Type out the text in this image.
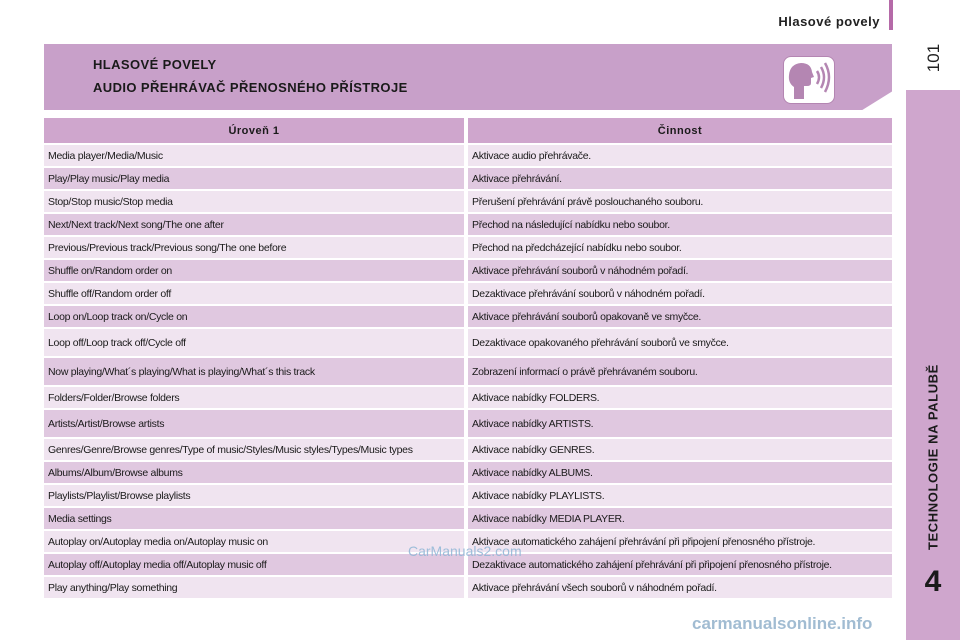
Hlasové povely
101
TECHNOLOGIE NA PALUBĚ
4
HLASOVÉ POVELY
AUDIO PŘEHRÁVAČ PŘENOSNÉHO PŘÍSTROJE
Úroveň 1	Činnost
Media player/Media/Music	Aktivace audio přehrávače.
Play/Play music/Play media	Aktivace přehrávání.
Stop/Stop music/Stop media	Přerušení přehrávání právě poslouchaného souboru.
Next/Next track/Next song/The one after	Přechod na následující nabídku nebo soubor.
Previous/Previous track/Previous song/The one before	Přechod na předcházející nabídku nebo soubor.
Shuffle on/Random order on	Aktivace přehrávání souborů v náhodném pořadí.
Shuffle off/Random order off	Dezaktivace přehrávání souborů v náhodném pořadí.
Loop on/Loop track on/Cycle on	Aktivace přehrávání souborů opakovaně ve smyčce.
Loop off/Loop track off/Cycle off	Dezaktivace opakovaného přehrávání souborů ve smyčce.
Now playing/What´s playing/What is playing/What´s this track	Zobrazení informací o právě přehrávaném souboru.
Folders/Folder/Browse folders	Aktivace nabídky FOLDERS.
Artists/Artist/Browse artists	Aktivace nabídky ARTISTS.
Genres/Genre/Browse genres/Type of music/Styles/Music styles/Types/Music types	Aktivace nabídky GENRES.
Albums/Album/Browse albums	Aktivace nabídky ALBUMS.
Playlists/Playlist/Browse playlists	Aktivace nabídky PLAYLISTS.
Media settings	Aktivace nabídky MEDIA PLAYER.
Autoplay on/Autoplay media on/Autoplay music on	Aktivace automatického zahájení přehrávání při připojení přenosného přístroje.
Autoplay off/Autoplay media off/Autoplay music off	Dezaktivace automatického zahájení přehrávání při připojení přenosného přístroje.
Play anything/Play something	Aktivace přehrávání všech souborů v náhodném pořadí.
CarManuals2.com
carmanualsonline.info
